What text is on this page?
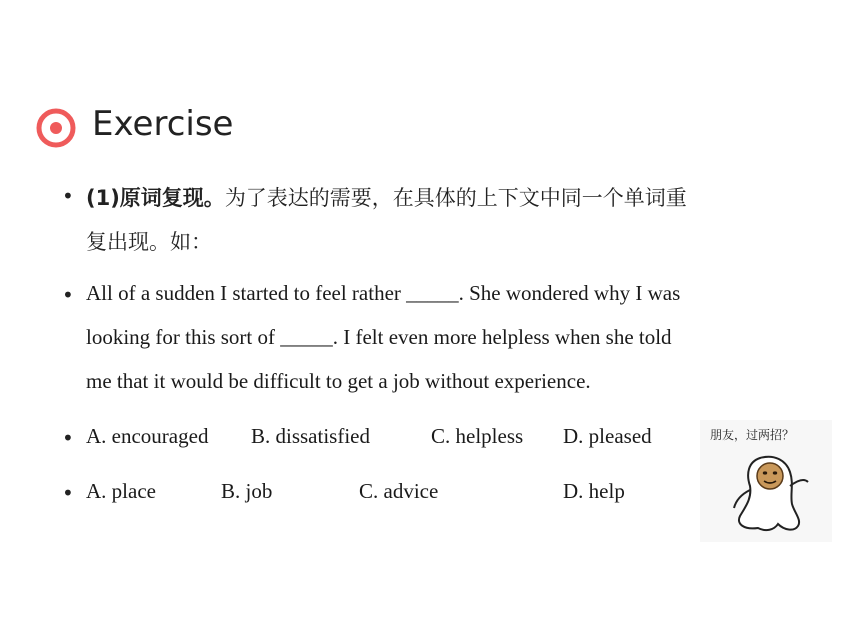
Exercise
• (1)原词复现。为了表达的需要，在具体的上下文中同一个单词重
复出现。如：
• All of a sudden I started to feel rather _____. She wondered why I was
looking for this sort of _____. I felt even more helpless when she told
me that it would be difficult to get a job without experience.
• A. encouraged B. dissatisfied	C. helpless D. pleased
• A. place	B. job	C. advice	D. help
朋友，过两招？
